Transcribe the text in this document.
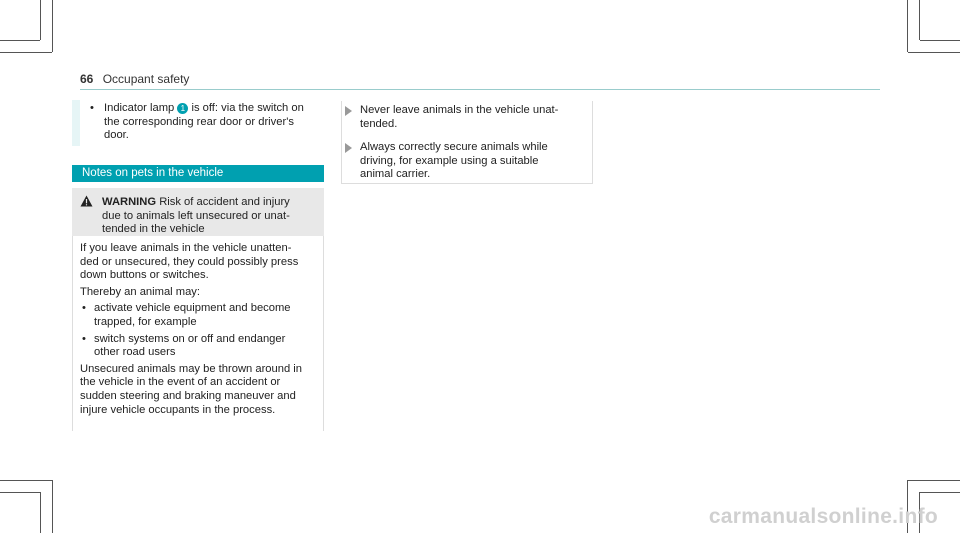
66 Occupant safety
• Indicator lamp 1 is off: via the switch on
the corresponding rear door or driver's
door.
Notes on pets in the vehicle
WARNING Risk of accident and injury
due to animals left unsecured or unat-
tended in the vehicle
If you leave animals in the vehicle unatten-
ded or unsecured, they could possibly press
down buttons or switches.
Thereby an animal may:
• activate vehicle equipment and become
trapped, for example
• switch systems on or off and endanger
other road users
Unsecured animals may be thrown around in
the vehicle in the event of an accident or
sudden steering and braking maneuver and
injure vehicle occupants in the process.
Never leave animals in the vehicle unat-
tended.
Always correctly secure animals while
driving, for example using a suitable
animal carrier.
carmanualsonline.info
